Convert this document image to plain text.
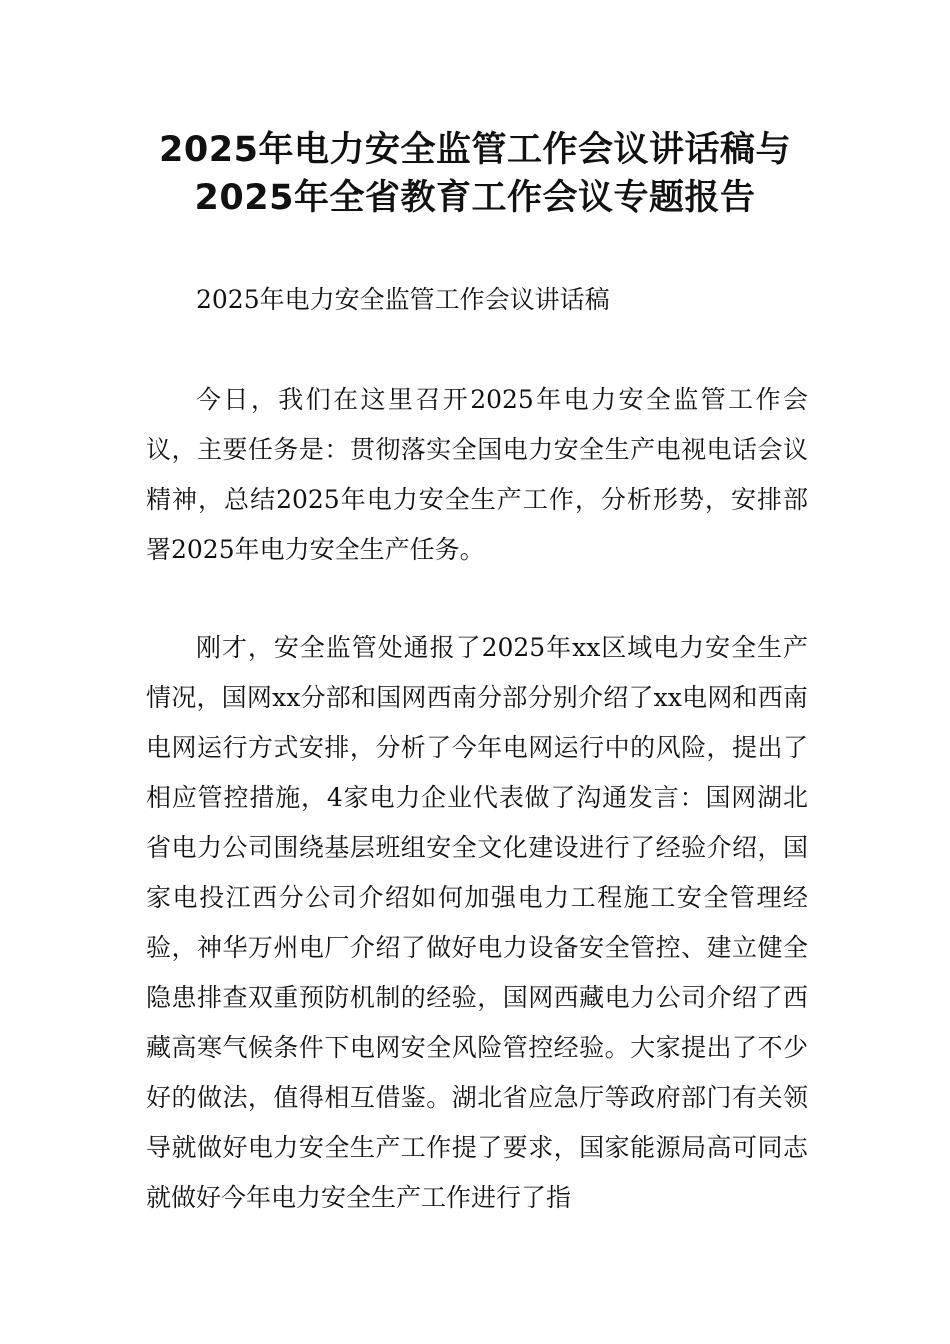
2025年电力安全监管工作会议讲话稿与
2025年全省教育工作会议专题报告
2025年电力安全监管工作会议讲话稿
今日，我们在这里召开2025年电力安全监管工作会议，主要任务是：贯彻落实全国电力安全生产电视电话会议精神，总结2025年电力安全生产工作，分析形势，安排部署2025年电力安全生产任务。
刚才，安全监管处通报了2025年xx区域电力安全生产情况，国网xx分部和国网西南分部分别介绍了xx电网和西南电网运行方式安排，分析了今年电网运行中的风险，提出了相应管控措施，4家电力企业代表做了沟通发言：国网湖北省电力公司围绕基层班组安全文化建设进行了经验介绍，国家电投江西分公司介绍如何加强电力工程施工安全管理经验，神华万州电厂介绍了做好电力设备安全管控、建立健全隐患排查双重预防机制的经验，国网西藏电力公司介绍了西藏高寒气候条件下电网安全风险管控经验。大家提出了不少好的做法，值得相互借鉴。湖北省应急厅等政府部门有关领导就做好电力安全生产工作提了要求，国家能源局高可同志就做好今年电力安全生产工作进行了指
